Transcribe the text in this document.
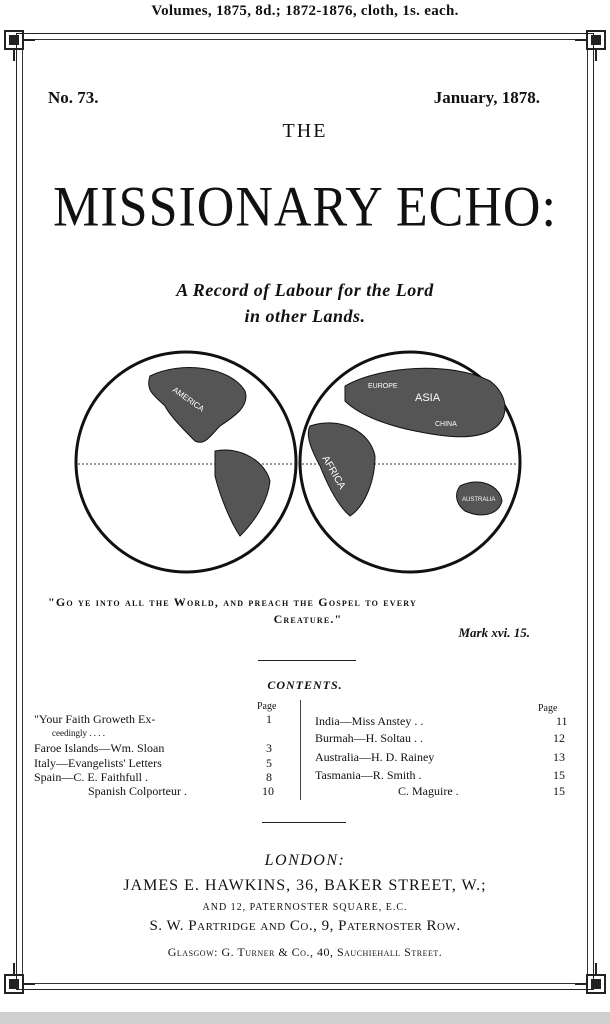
Volumes, 1875, 8d.; 1872-1876, cloth, 1s. each.
No. 73.	January, 1878.
THE
MISSIONARY ECHO:
A Record of Labour for the Lord
in other Lands.
AMERICA	EUROPE
ASIA
AFRICA
CHINA
AUSTRALIA
"Go ye into all the World, and preach the Gospel to every
Creature."
Mark xvi. 15.
CONTENTS.
Page	Page
"Your Faith Groweth Ex-	1
ceedingly . . . .
Faroe Islands—Wm. Sloan	3
Italy—Evangelists' Letters	5
Spain—C. E. Faithfull .	8
Spanish Colporteur .	10
India—Miss Anstey . .	11
Burmah—H. Soltau . .	12
Australia—H. D. Rainey	13
Tasmania—R. Smith .	15
C. Maguire .	15
LONDON:
JAMES E. HAWKINS, 36, BAKER STREET, W.;
AND 12, PATERNOSTER SQUARE, E.C.
S. W. Partridge and Co., 9, Paternoster Row.
Glasgow: G. Turner & Co., 40, Sauchiehall Street.
